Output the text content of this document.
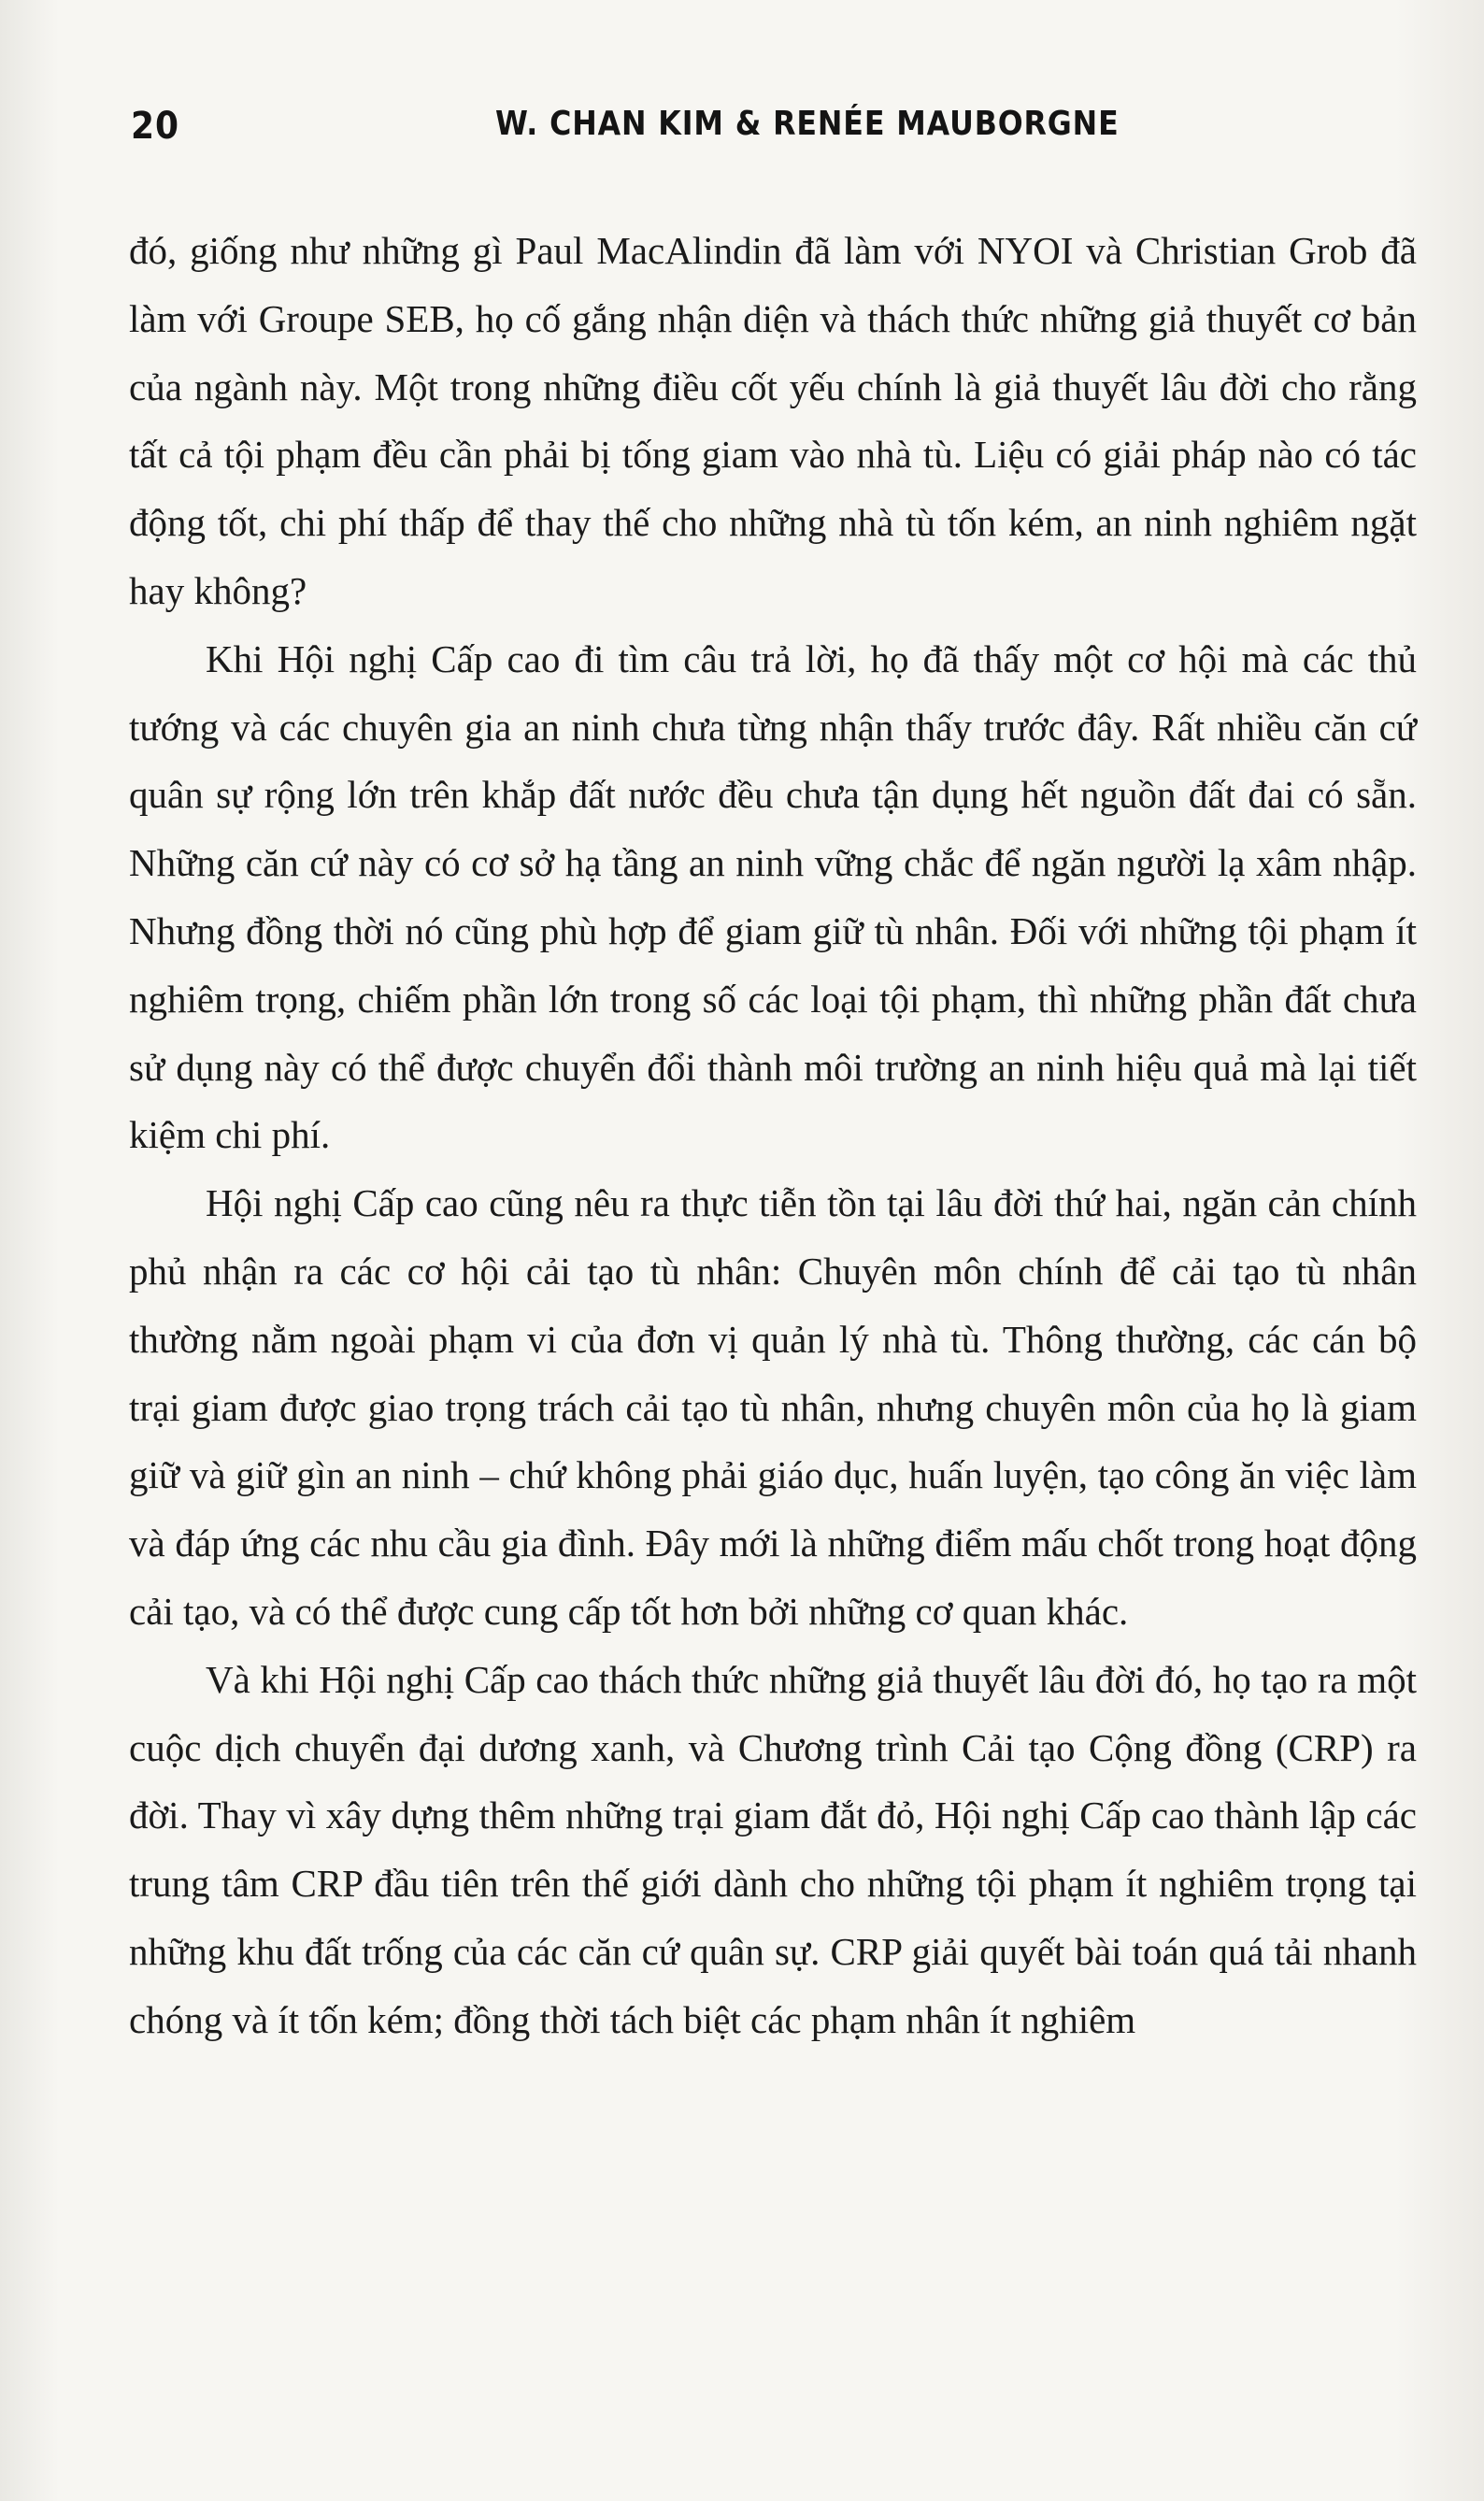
20	W. CHAN KIM & RENÉE MAUBORGNE

đó, giống như những gì Paul MacAlindin đã làm với NYOI và Christian Grob đã làm với Groupe SEB, họ cố gắng nhận diện và thách thức những giả thuyết cơ bản của ngành này. Một trong những điều cốt yếu chính là giả thuyết lâu đời cho rằng tất cả tội phạm đều cần phải bị tống giam vào nhà tù. Liệu có giải pháp nào có tác động tốt, chi phí thấp để thay thế cho những nhà tù tốn kém, an ninh nghiêm ngặt hay không?

Khi Hội nghị Cấp cao đi tìm câu trả lời, họ đã thấy một cơ hội mà các thủ tướng và các chuyên gia an ninh chưa từng nhận thấy trước đây. Rất nhiều căn cứ quân sự rộng lớn trên khắp đất nước đều chưa tận dụng hết nguồn đất đai có sẵn. Những căn cứ này có cơ sở hạ tầng an ninh vững chắc để ngăn người lạ xâm nhập. Nhưng đồng thời nó cũng phù hợp để giam giữ tù nhân. Đối với những tội phạm ít nghiêm trọng, chiếm phần lớn trong số các loại tội phạm, thì những phần đất chưa sử dụng này có thể được chuyển đổi thành môi trường an ninh hiệu quả mà lại tiết kiệm chi phí.

Hội nghị Cấp cao cũng nêu ra thực tiễn tồn tại lâu đời thứ hai, ngăn cản chính phủ nhận ra các cơ hội cải tạo tù nhân: Chuyên môn chính để cải tạo tù nhân thường nằm ngoài phạm vi của đơn vị quản lý nhà tù. Thông thường, các cán bộ trại giam được giao trọng trách cải tạo tù nhân, nhưng chuyên môn của họ là giam giữ và giữ gìn an ninh – chứ không phải giáo dục, huấn luyện, tạo công ăn việc làm và đáp ứng các nhu cầu gia đình. Đây mới là những điểm mấu chốt trong hoạt động cải tạo, và có thể được cung cấp tốt hơn bởi những cơ quan khác.

Và khi Hội nghị Cấp cao thách thức những giả thuyết lâu đời đó, họ tạo ra một cuộc dịch chuyển đại dương xanh, và Chương trình Cải tạo Cộng đồng (CRP) ra đời. Thay vì xây dựng thêm những trại giam đắt đỏ, Hội nghị Cấp cao thành lập các trung tâm CRP đầu tiên trên thế giới dành cho những tội phạm ít nghiêm trọng tại những khu đất trống của các căn cứ quân sự. CRP giải quyết bài toán quá tải nhanh chóng và ít tốn kém; đồng thời tách biệt các phạm nhân ít nghiêm
